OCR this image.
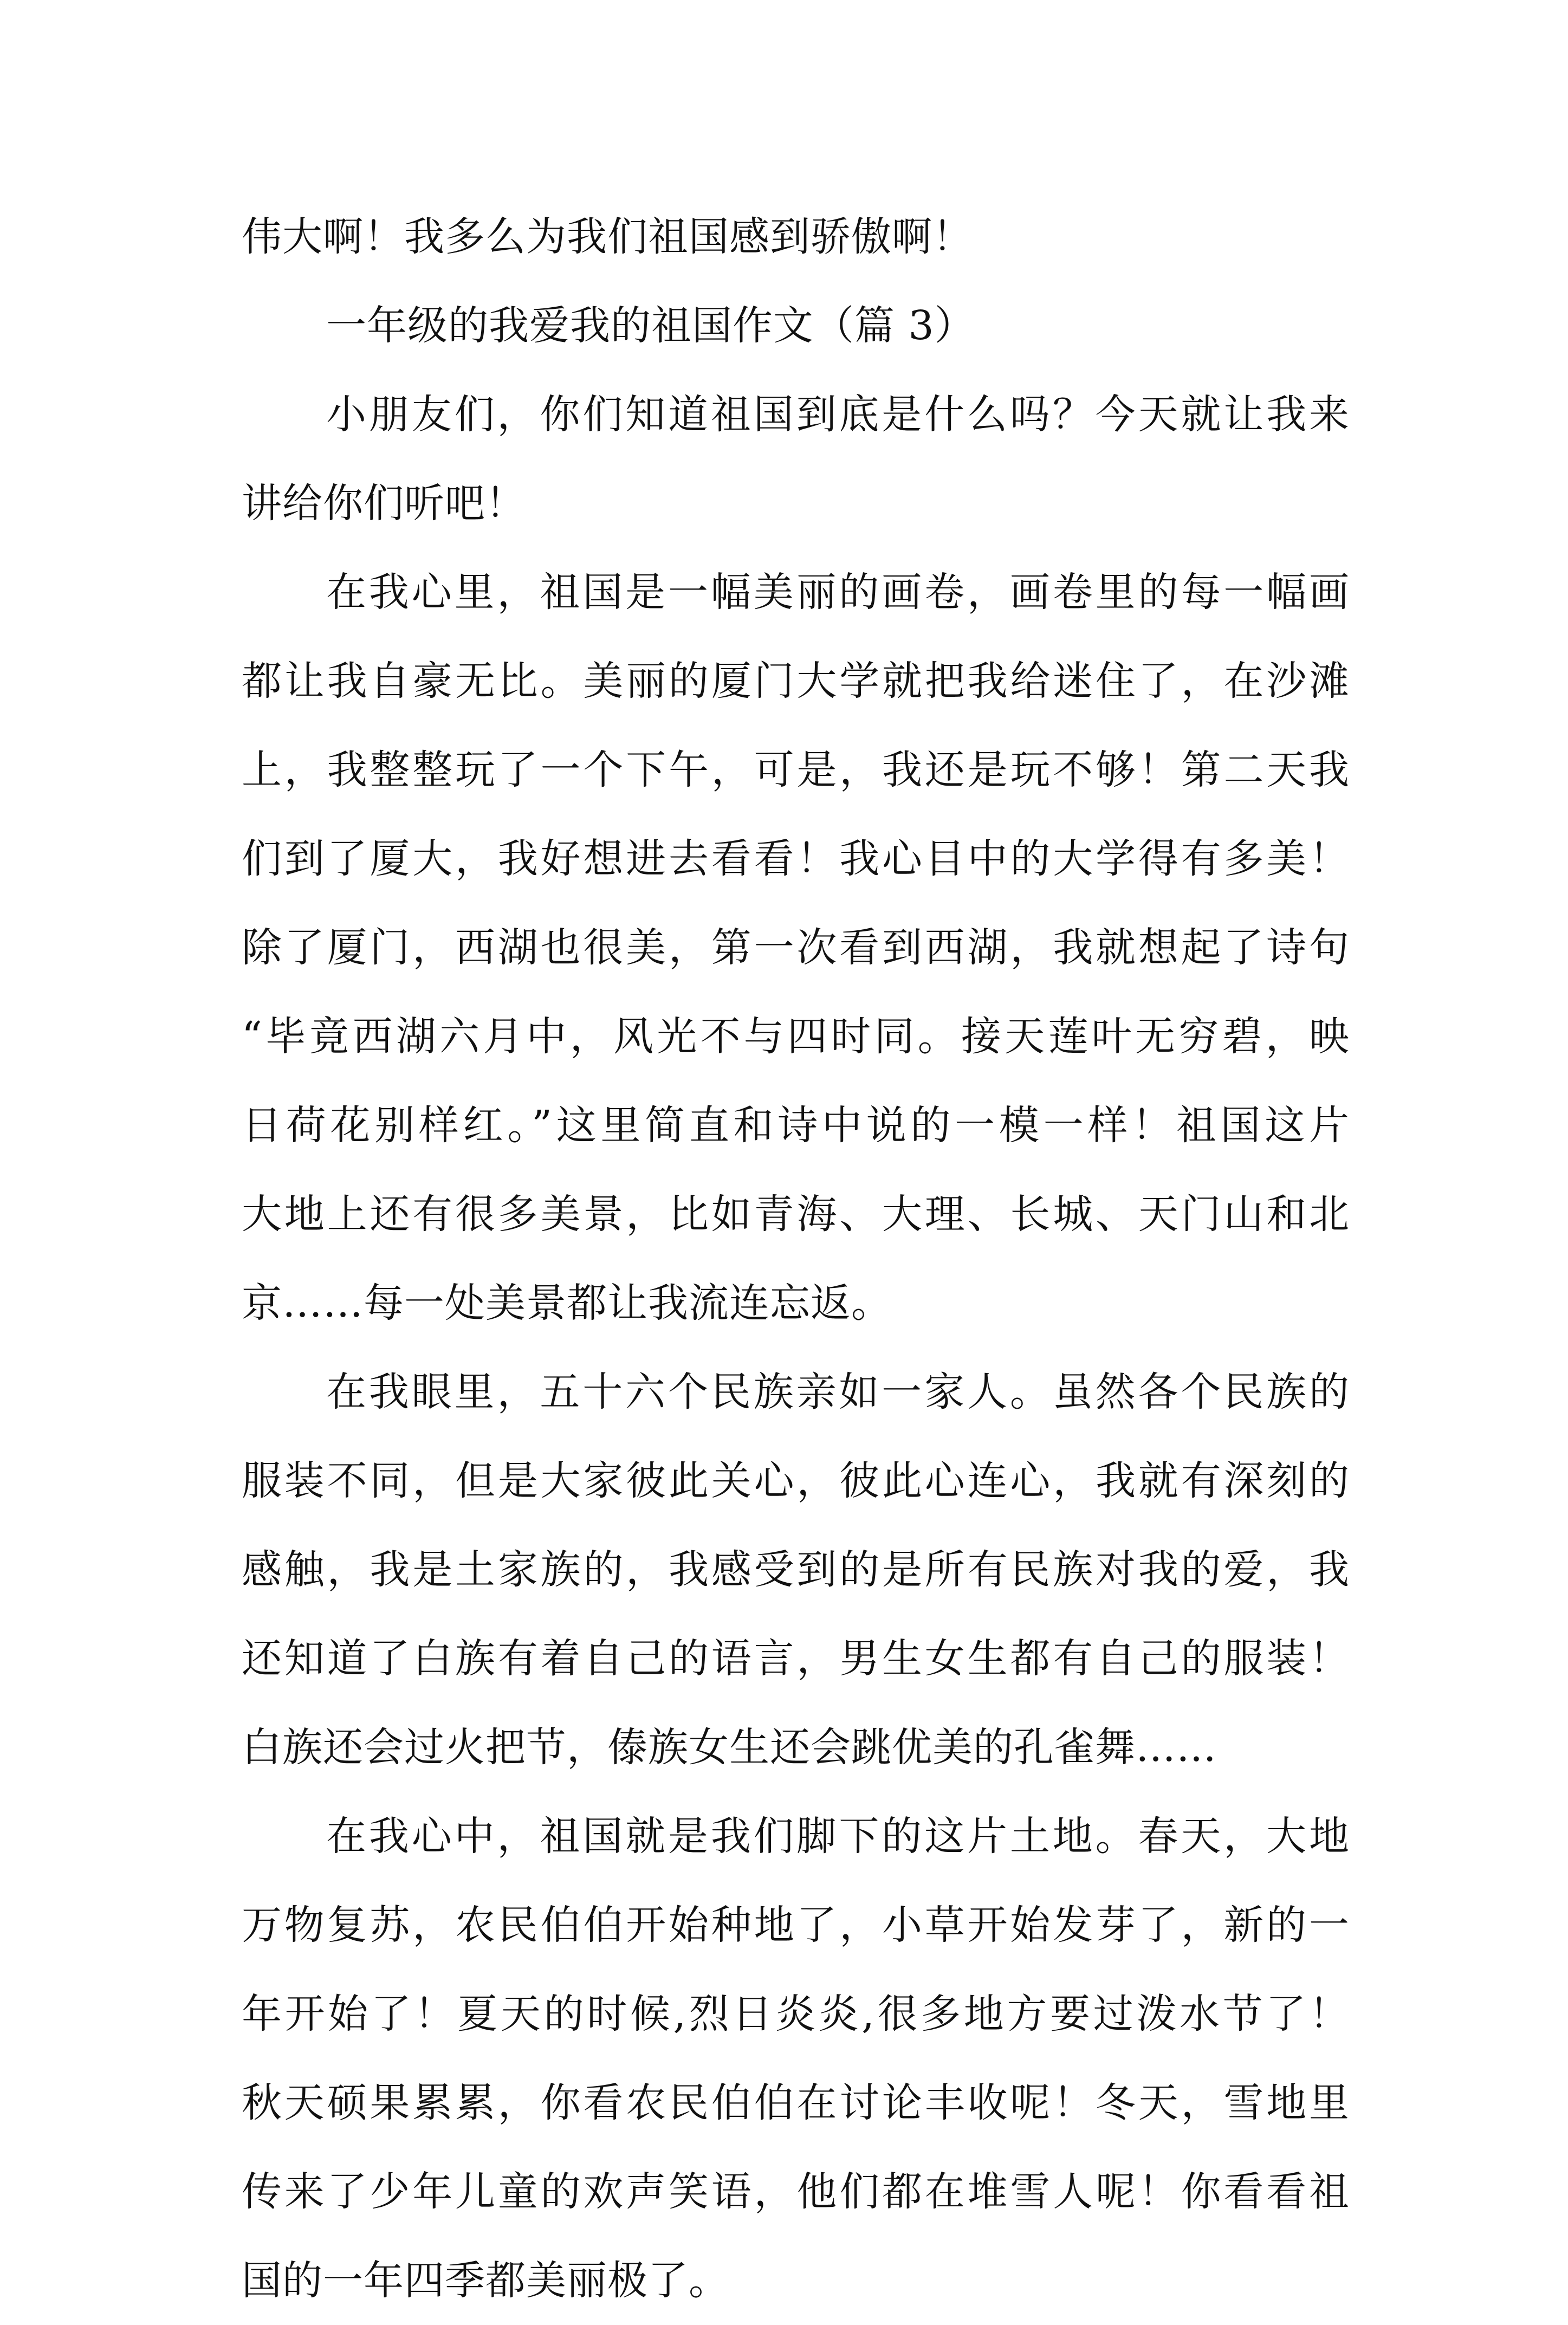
伟大啊！我多么为我们祖国感到骄傲啊！
一年级的我爱我的祖国作文（篇 3）
小朋友们，你们知道祖国到底是什么吗？今天就让我来
讲给你们听吧！
在我心里，祖国是一幅美丽的画卷，画卷里的每一幅画
都让我自豪无比。美丽的厦门大学就把我给迷住了，在沙滩
上，我整整玩了一个下午，可是，我还是玩不够！第二天我
们到了厦大，我好想进去看看！我心目中的大学得有多美！
除了厦门，西湖也很美，第一次看到西湖，我就想起了诗句
“毕竟西湖六月中，风光不与四时同。接天莲叶无穷碧，映
日荷花别样红。”这里简直和诗中说的一模一样！祖国这片
大地上还有很多美景，比如青海、大理、长城、天门山和北
京……每一处美景都让我流连忘返。
在我眼里，五十六个民族亲如一家人。虽然各个民族的
服装不同，但是大家彼此关心，彼此心连心，我就有深刻的
感触，我是土家族的，我感受到的是所有民族对我的爱，我
还知道了白族有着自己的语言，男生女生都有自己的服装！
白族还会过火把节，傣族女生还会跳优美的孔雀舞……
在我心中，祖国就是我们脚下的这片土地。春天，大地
万物复苏，农民伯伯开始种地了，小草开始发芽了，新的一
年开始了！夏天的时候,烈日炎炎,很多地方要过泼水节了！
秋天硕果累累，你看农民伯伯在讨论丰收呢！冬天，雪地里
传来了少年儿童的欢声笑语，他们都在堆雪人呢！你看看祖
国的一年四季都美丽极了。
